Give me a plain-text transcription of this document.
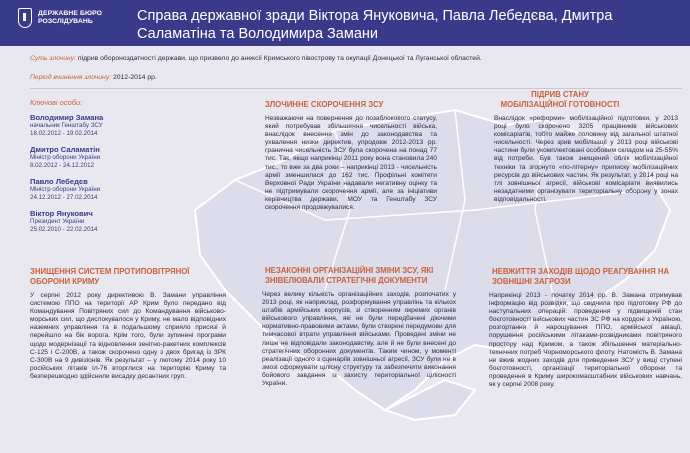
ДЕРЖАВНЕ БЮРО
РОЗСЛІДУВАНЬ	Справа державної зради Віктора Януковича, Павла Лебедєва, Дмитра Саламатіна та Володимира Замани
Суть злочину: підрив обороноздатності держави, що призвело до анексії Кримського півострову та окупації Донецької та Луганської областей.
Період вчинення злочину: 2012-2014 рр.
Ключові особи:
Володимир Замана
начальник Генштабу ЗСУ
18.02.2012 - 19.02.2014
Дмитро Саламатін
Міністр оборони України
8.02.2012 - 24.12.2012
Павло Лебедєв
Міністр оборони України
24.12.2012 - 27.02.2014
Віктор Янукович
Президент України
25.02.2010 - 22.02.2014
ЗЛОЧИННЕ СКОРОЧЕННЯ ЗСУ
Незважаючи на повернення до позаблокового статусу, який потребував збільшення чисельності війська, внаслідок внесення змін до законодавства та ухвалення низки директив, упродовж 2012-2013 рр. гранична чисельність ЗСУ була скорочена на понад 77 тис. Так, якщо наприкінці 2011 року вона становила 240 тис., то вже за два роки – наприкінці 2013 - чисельність армії зменшилася до 162 тис. Профільні комітети Верховної Ради України надавали негативну оцінку та не підтримували скорочення армії, але за ініціативи керівництва держави, МОУ та Генштабу ЗСУ скорочення продовжувалися.
ПІДРИВ СТАНУ МОБІЛІЗАЦІЙНОЇ ГОТОВНОСТІ
Внаслідок «реформи» мобілізаційної підготовки, у 2013 році було скорочено 3205 працівників військових комісаріатів, тобто майже половину від загальної штатної чисельності. Через зрив мобілізації у 2013 році військові частини були укомплектовані особовим складом на 25-55% від потреби. Був також знищений облік мобілізаційної техніки та згорнуто «по-літерну» приписку мобілізаційних ресурсів до військових частин. Як результат, у 2014 році на тлі зовнішньої агресії, військові комісаріати виявились незадатними організувати територіальну оборону у зонах відповідальності.
ЗНИЩЕННЯ СИСТЕМ ПРОТИПОВІТРЯНОЇ ОБОРОНИ КРИМУ
У серпні 2012 року директивою В. Замани управління системою ППО на території АР Крим було передано від Командування Повітряних сил до Командування військово-морських сил, що дислокувалося у Криму, не мало відповідних наземних управління та в подальшому сприяло присязі й перейшло на бік ворога. Крім того, були зупинені програми щодо модернізації та відновлення зенітно-ракетних комплексів С-125 і С-200В, а також скорочено одну з двох бригад із ЗРК С-300В на 9 дивізіонів. Як результат – у лютому 2014 року 10 російських літаків Іл-76 вторглися на територію Криму та безперешкодно здійснили висадку десантних груп.
НЕЗАКОННІ ОРГАНІЗАЦІЙНІ ЗМІНИ ЗСУ, ЯКІ ЗНІВЕЛЮВАЛИ СТРАТЕГІЧНІ ДОКУМЕНТИ
Через велику кількість організаційних заходів, розпочатих у 2013 році, як наприклад, розформування управлінь та кількох штабів армійських корпусів, зі створенням окремих органів військового управління, які не були передбачені діючими нормативно-правовими актами, були створені передумови для тимчасової втрати управління військами. Проведені зміни не лише не відповідали законодавству, але й не були внесені до стратегічних оборонних документів. Таким чином, у моменті реалізації одного з сценаріїв зовнішньої агресії, ЗСУ були не в змозі сформувати цілісну структуру та забезпечити виконання бойового завдання із захисту територіальної цілісності України.
НЕВЖИТТЯ ЗАХОДІВ ЩОДО РЕАГУВАННЯ НА ЗОВНІШНІ ЗАГРОЗИ
Наприкінці 2013 - початку 2014 рр. В. Замана отримував інформацію від розвідки, що свідчила про підготовку РФ до наступальних операцій: проведення у підвищеній стан боєготовності військових частин ЗС РФ на кордоні з Україною, розгортання й нарощування ППО, армійської авіації, порушення російськими літаками-розвідниками повітряного простору над Кримом, а також збільшення матеріально-технічних потреб Чорноморського флоту. Натомість В. Замана не вжив жодних заходів для приведення ЗСУ у вищі ступені боєготовності, організації територіальної оборони та проведення в Криму широкомасштабних військових навчань, як у серпні 2008 року.
